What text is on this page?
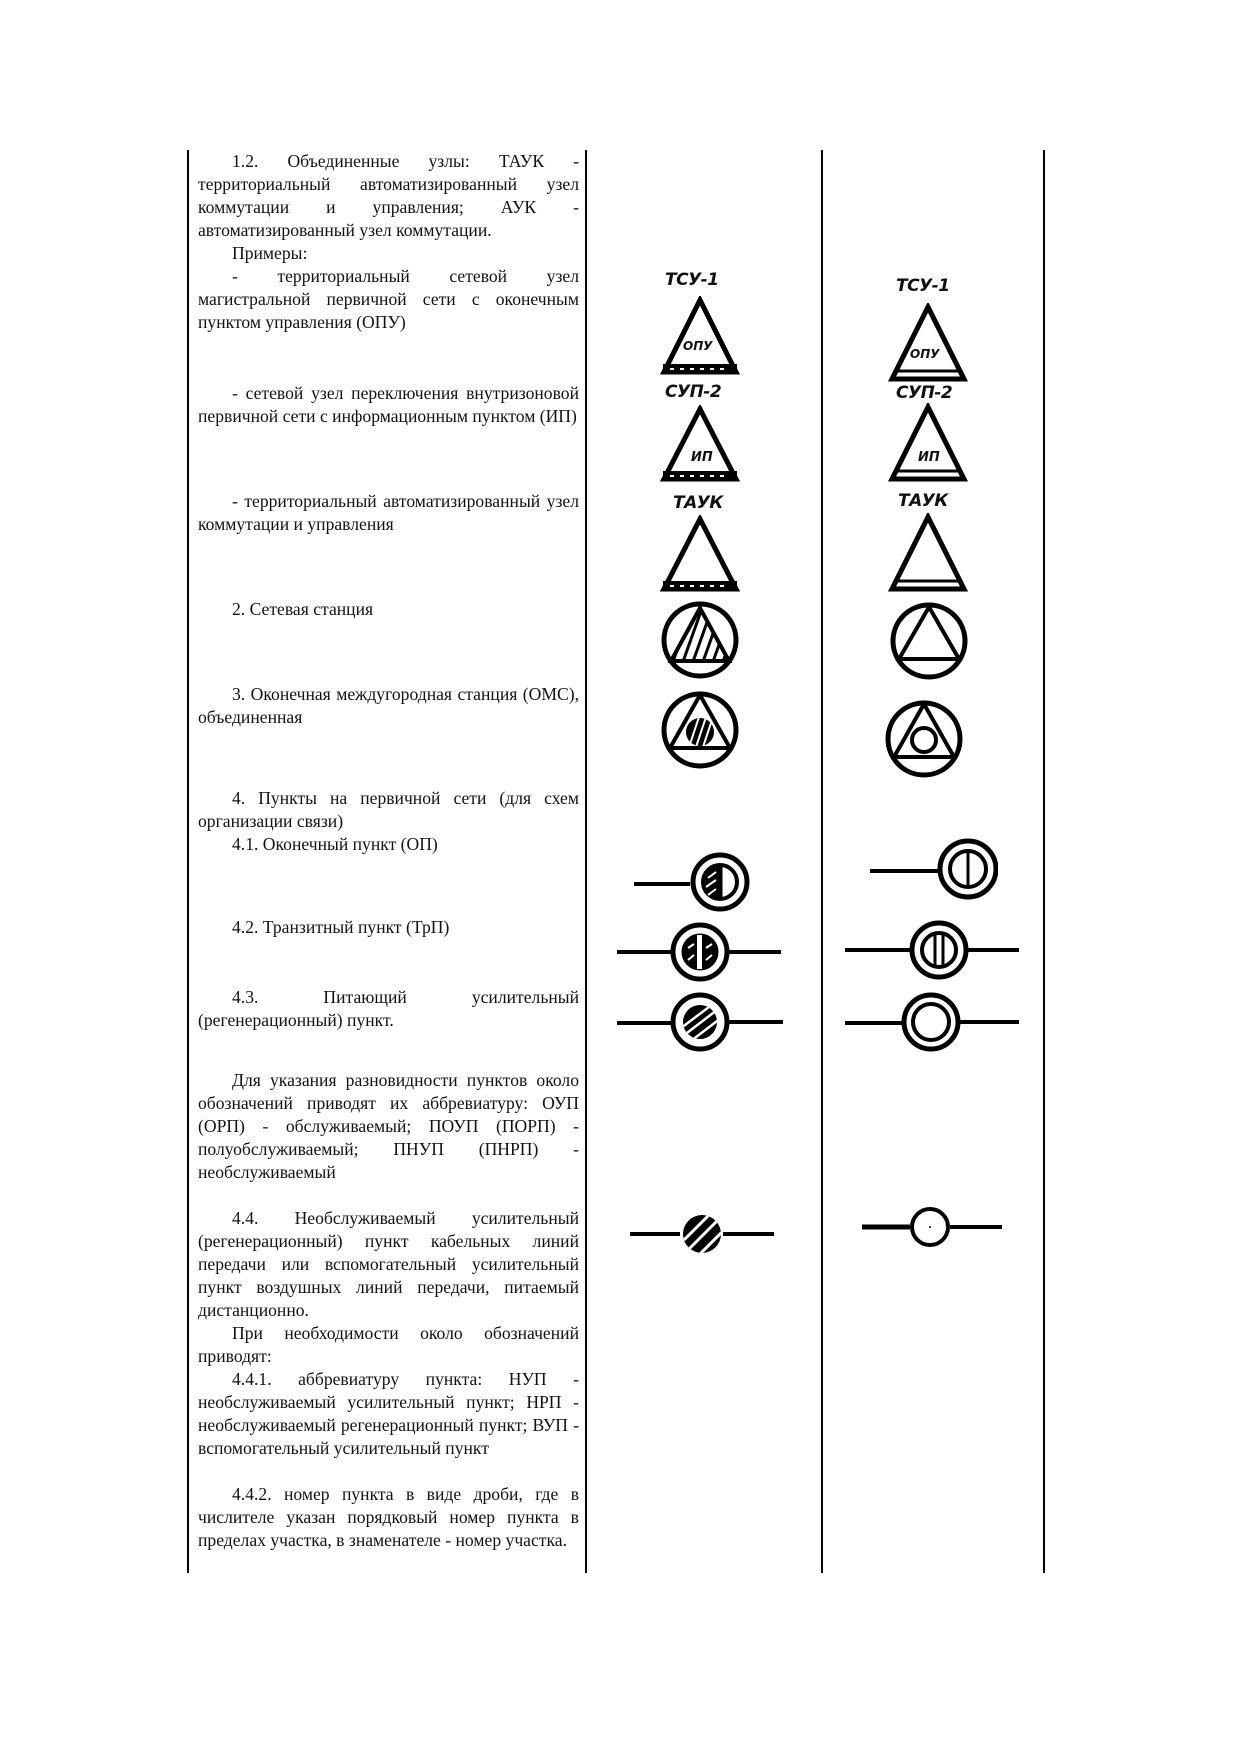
1.2. Объединенные узлы: ТАУК - территориальный автоматизированный узел коммутации и управления; АУК - автоматизированный узел коммутации.

Примеры:

- территориальный сетевой узел магистральной первичной сети с оконечным пунктом управления (ОПУ)

- сетевой узел переключения внутризоновой первичной сети с информационным пунктом (ИП)

- территориальный автоматизированный узел коммутации и управления

2. Сетевая станция

3. Оконечная междугородная станция (ОМС), объединенная

4. Пункты на первичной сети (для схем организации связи)

4.1. Оконечный пункт (ОП)

4.2. Транзитный пункт (ТрП)

4.3. Питающий усилительный (регенерационный) пункт.

Для указания разновидности пунктов около обозначений приводят их аббревиатуру: ОУП (ОРП) - обслуживаемый; ПОУП (ПОРП) - полуобслуживаемый; ПНУП (ПНРП) - необслуживаемый

4.4. Необслуживаемый усилительный (регенерационный) пункт кабельных линий передачи или вспомогательный усилительный пункт воздушных линий передачи, питаемый дистанционно.

При необходимости около обозначений приводят:

4.4.1. аббревиатуру пункта: НУП - необслуживаемый усилительный пункт; НРП - необслуживаемый регенерационный пункт; ВУП - вспомогательный усилительный пункт

4.4.2. номер пункта в виде дроби, где в числителе указан порядковый номер пункта в пределах участка, в знаменателе - номер участка.

ТСУ-1
ОПУ
СУП-2
ИП
ТАУК
ТСУ-1
ОПУ
СУП-2
ИП
ТАУК
